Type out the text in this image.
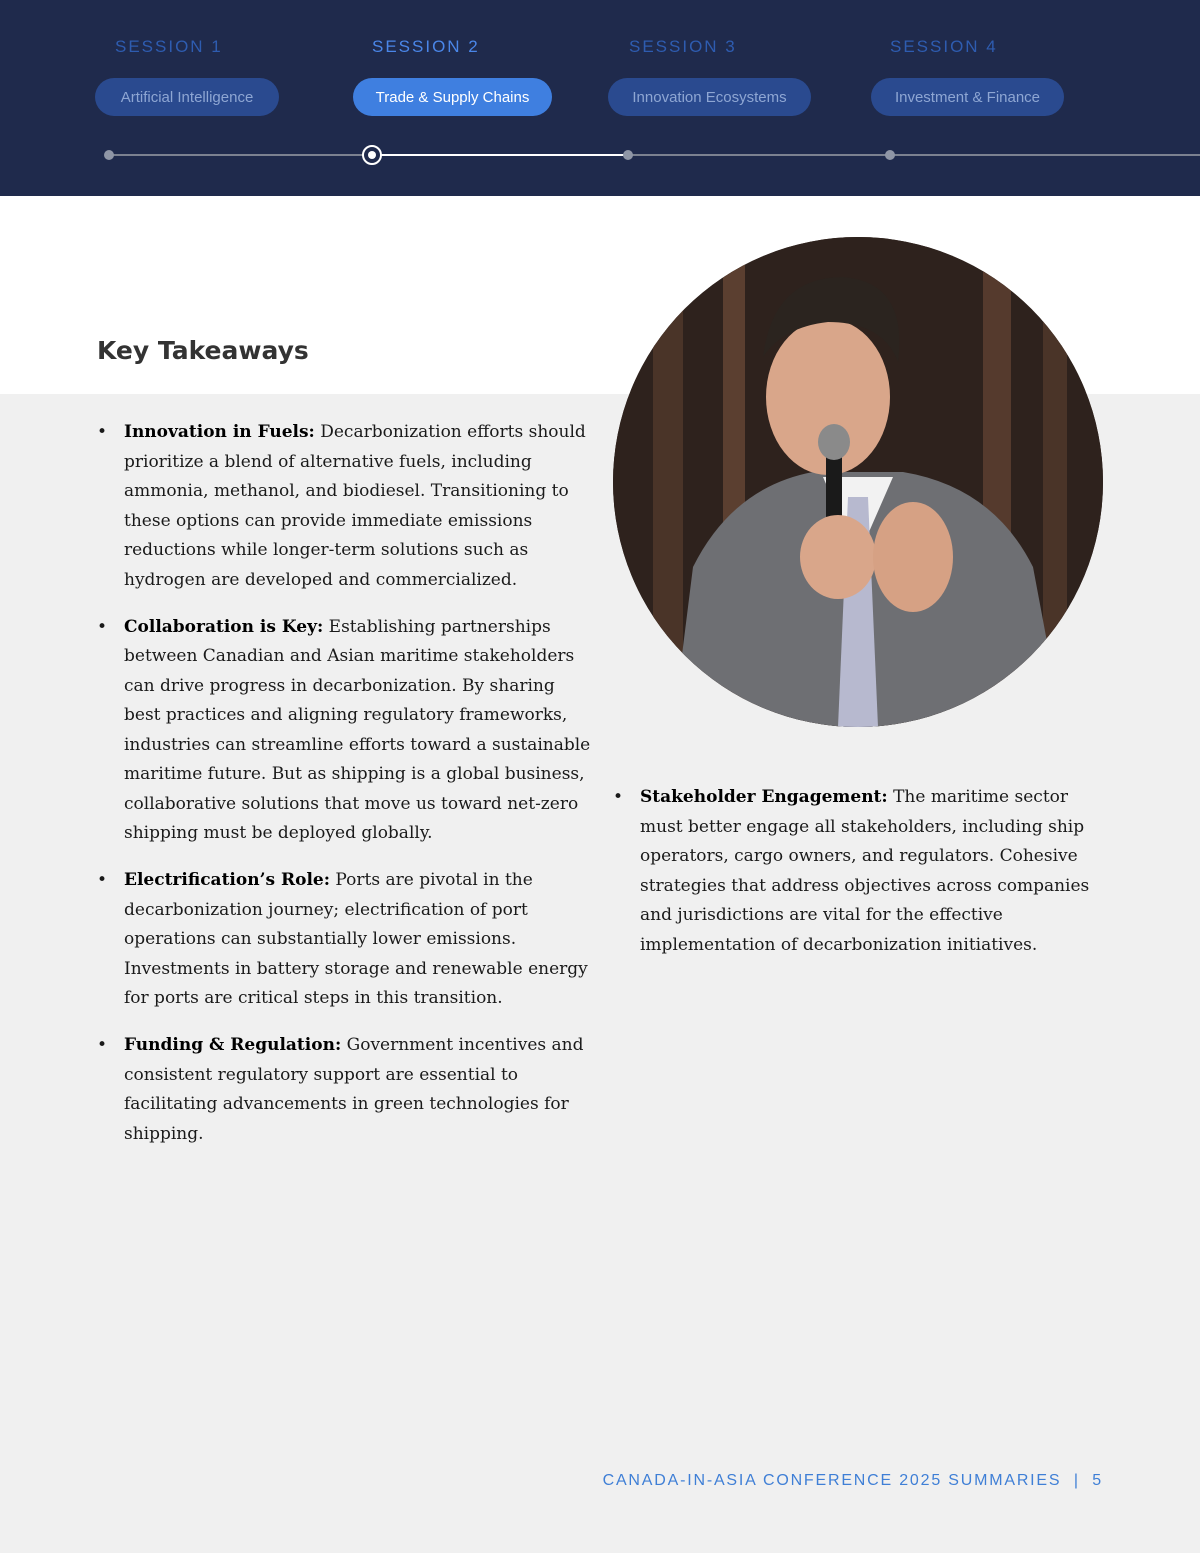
SESSION 1	SESSION 2	SESSION 3	SESSION 4
Artificial Intelligence	Trade & Supply Chains	Innovation Ecosystems	Investment & Finance
Key Takeaways
• Innovation in Fuels: Decarbonization efforts should prioritize a blend of alternative fuels, including ammonia, methanol, and biodiesel. Transitioning to these options can provide immediate emissions reductions while longer-term solutions such as hydrogen are developed and commercialized.
• Collaboration is Key: Establishing partnerships between Canadian and Asian maritime stakeholders can drive progress in decarbonization. By sharing best practices and aligning regulatory frameworks, industries can streamline efforts toward a sustainable maritime future. But as shipping is a global business, collaborative solutions that move us toward net-zero shipping must be deployed globally.
• Electrification’s Role: Ports are pivotal in the decarbonization journey; electrification of port operations can substantially lower emissions. Investments in battery storage and renewable energy for ports are critical steps in this transition.
• Funding & Regulation: Government incentives and consistent regulatory support are essential to facilitating advancements in green technologies for shipping.
• Stakeholder Engagement: The maritime sector must better engage all stakeholders, including ship operators, cargo owners, and regulators. Cohesive strategies that address objectives across companies and jurisdictions are vital for the effective implementation of decarbonization initiatives.
CANADA-IN-ASIA CONFERENCE 2025 SUMMARIES  |  5
